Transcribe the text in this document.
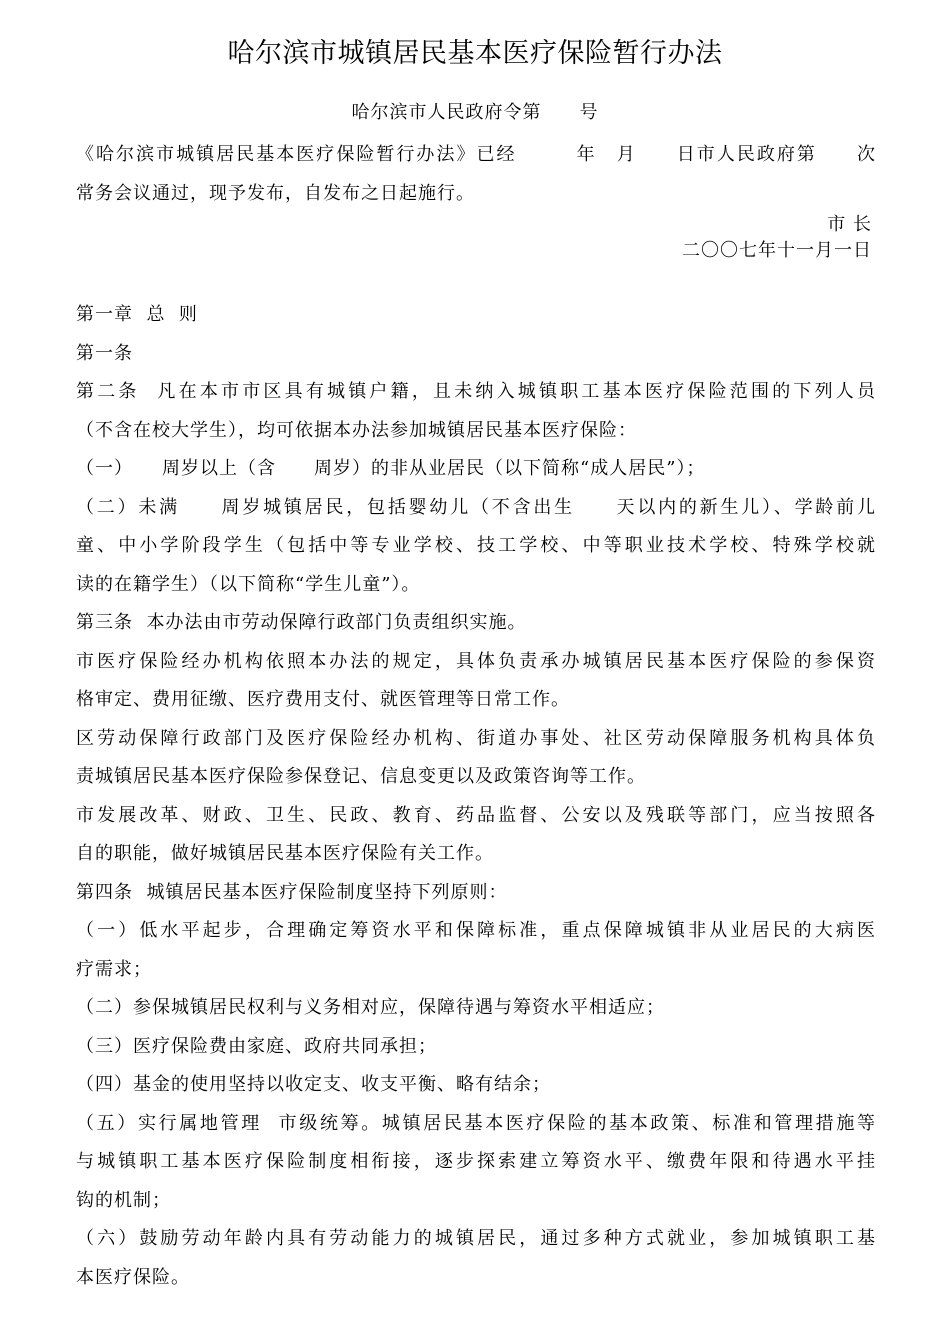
哈尔滨市城镇居民基本医疗保险暂行办法
哈尔滨市人民政府令第　　号
《哈尔滨市城镇居民基本医疗保险暂行办法》已经　　　年　月　　日市人民政府第　　次
常务会议通过，现予发布，自发布之日起施行。
市 长
二〇〇七年十一月一日
第一章  总  则
第一条
第二条  凡在本市市区具有城镇户籍，且未纳入城镇职工基本医疗保险范围的下列人员
（不含在校大学生），均可依据本办法参加城镇居民基本医疗保险：
（一）　　周岁以上（含　　周岁）的非从业居民（以下简称“成人居民”）；
（二）未满　　周岁城镇居民，包括婴幼儿（不含出生　　天以内的新生儿）、学龄前儿
童、中小学阶段学生（包括中等专业学校、技工学校、中等职业技术学校、特殊学校就
读的在籍学生）（以下简称“学生儿童”）。
第三条  本办法由市劳动保障行政部门负责组织实施。
市医疗保险经办机构依照本办法的规定，具体负责承办城镇居民基本医疗保险的参保资
格审定、费用征缴、医疗费用支付、就医管理等日常工作。
区劳动保障行政部门及医疗保险经办机构、街道办事处、社区劳动保障服务机构具体负
责城镇居民基本医疗保险参保登记、信息变更以及政策咨询等工作。
市发展改革、财政、卫生、民政、教育、药品监督、公安以及残联等部门，应当按照各
自的职能，做好城镇居民基本医疗保险有关工作。
第四条  城镇居民基本医疗保险制度坚持下列原则：
（一）低水平起步，合理确定筹资水平和保障标准，重点保障城镇非从业居民的大病医
疗需求；
（二）参保城镇居民权利与义务相对应，保障待遇与筹资水平相适应；
（三）医疗保险费由家庭、政府共同承担；
（四）基金的使用坚持以收定支、收支平衡、略有结余；
（五）实行属地管理  市级统筹。城镇居民基本医疗保险的基本政策、标准和管理措施等
与城镇职工基本医疗保险制度相衔接，逐步探索建立筹资水平、缴费年限和待遇水平挂
钩的机制；
（六）鼓励劳动年龄内具有劳动能力的城镇居民，通过多种方式就业，参加城镇职工基
本医疗保险。
